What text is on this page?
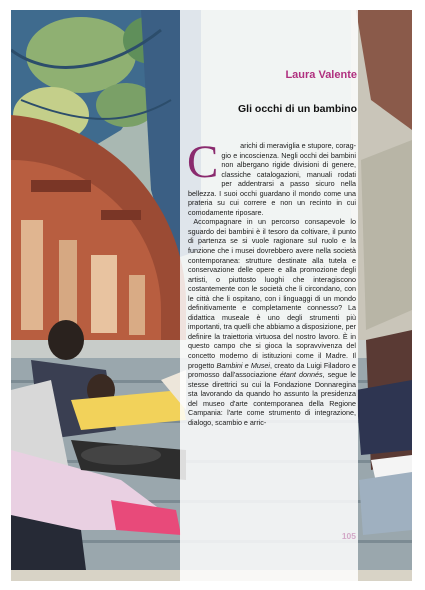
Laura Valente
Gli occhi di un bambino

C	arichi di meraviglia e stupore, corag-
gio e incoscienza. Negli occhi dei bambini non albergano rigide divisioni di genere, classiche catalogazioni, manuali rodati per addentrarsi a passo sicuro nella bellezza. I suoi occhi guardano il mondo come una prateria su cui correre e non un recinto in cui comodamente riposare.

Accompagnare in un percorso consapevole lo sguardo dei bambini è il tesoro da coltivare, il punto di partenza se si vuole ragionare sul ruolo e la funzione che i musei dovrebbero avere nella società contemporanea: strutture destinate alla tutela e conservazione delle opere e alla promozione degli artisti, o piuttosto luoghi che interagiscono costantemente con le società che li circondano, con le città che li ospitano, con i linguaggi di un mondo definitivamente e completamente connesso? La didattica museale è uno degli strumenti più importanti, tra quelli che abbiamo a disposizione, per definire la traiettoria virtuosa del nostro lavoro. È in questo campo che si gioca la sopravvivenza del concetto moderno di istituzioni come il Madre. Il progetto Bambini e Musei, creato da Luigi Filadoro e promosso dall'associazione étant donnés, segue le stesse direttrici su cui la Fondazione Donnaregina sta lavorando da quando ho assunto la presidenza del museo d'arte contemporanea della Regione Campania: l'arte come strumento di integrazione, dialogo, scambio e arric-

105
